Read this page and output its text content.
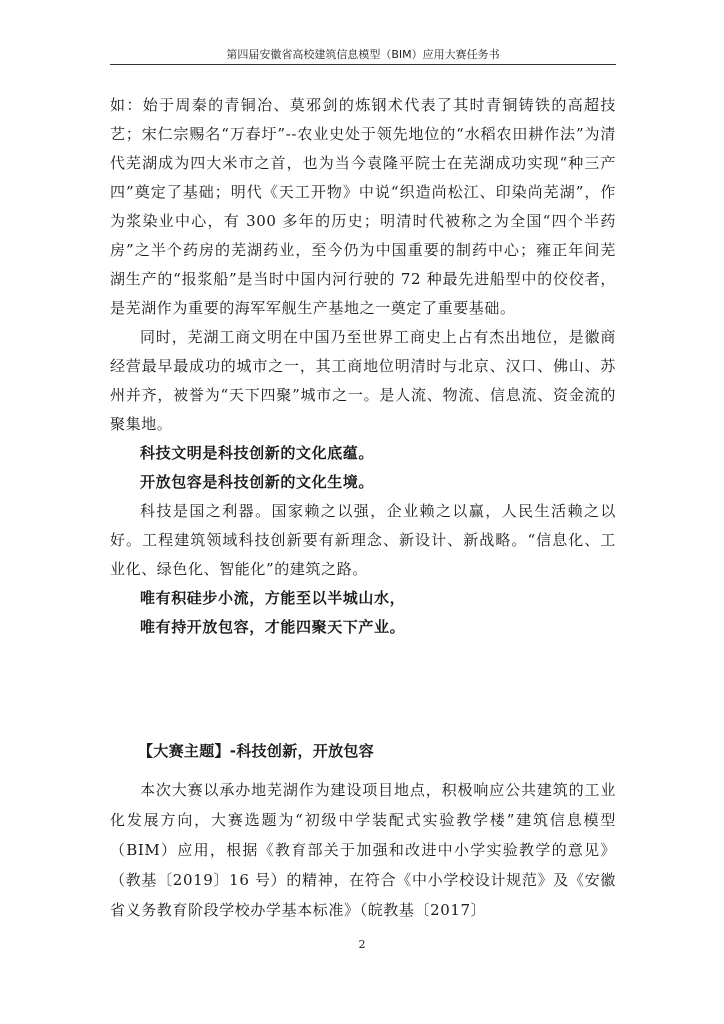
第四届安徽省高校建筑信息模型（BIM）应用大赛任务书

如：始于周秦的青铜冶、莫邪剑的炼钢术代表了其时青铜铸铁的高超技艺；宋仁宗赐名“万春圩”--农业史处于领先地位的“水稻农田耕作法”为清代芜湖成为四大米市之首，也为当今袁隆平院士在芜湖成功实现“种三产四”奠定了基础；明代《天工开物》中说“织造尚松江、印染尚芜湖”，作为浆染业中心，有 300 多年的历史；明清时代被称之为全国“四个半药房”之半个药房的芜湖药业，至今仍为中国重要的制药中心；雍正年间芜湖生产的“报浆船”是当时中国内河行驶的 72 种最先进船型中的佼佼者，是芜湖作为重要的海军军舰生产基地之一奠定了重要基础。

同时，芜湖工商文明在中国乃至世界工商史上占有杰出地位，是徽商经营最早最成功的城市之一，其工商地位明清时与北京、汉口、佛山、苏州并齐，被誉为“天下四聚”城市之一。是人流、物流、信息流、资金流的聚集地。

科技文明是科技创新的文化底蕴。

开放包容是科技创新的文化生境。

科技是国之利器。国家赖之以强，企业赖之以赢，人民生活赖之以好。工程建筑领域科技创新要有新理念、新设计、新战略。“信息化、工业化、绿色化、智能化”的建筑之路。

唯有积硅步小流，方能至以半城山水，

唯有持开放包容，才能四聚天下产业。

【大赛主题】-科技创新，开放包容

本次大赛以承办地芜湖作为建设项目地点，积极响应公共建筑的工业化发展方向，大赛选题为“初级中学装配式实验教学楼”建筑信息模型（BIM）应用，根据《教育部关于加强和改进中小学实验教学的意见》（教基〔2019〕16 号）的精神，在符合《中小学校设计规范》及《安徽省义务教育阶段学校办学基本标准》（皖教基〔2017〕

2
